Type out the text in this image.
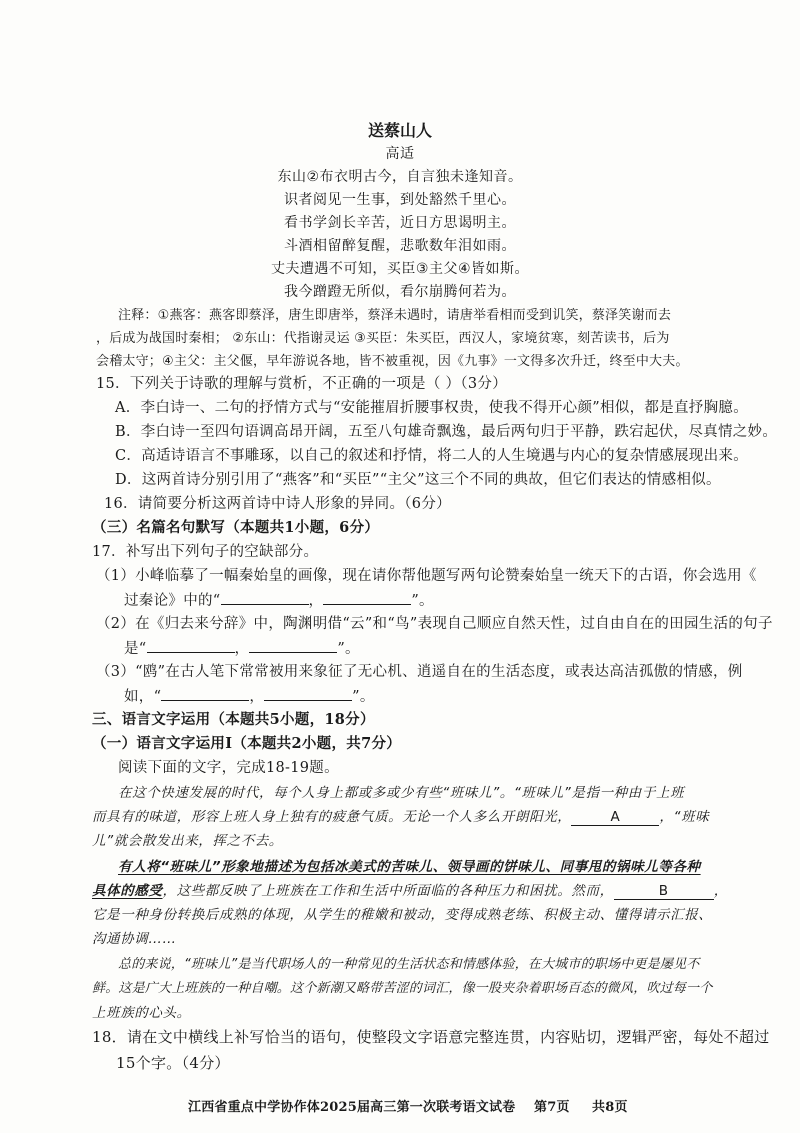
送蔡山人
高适
东山②布衣明古今，自言独未逢知音。
识者阅见一生事，到处豁然千里心。
看书学剑长辛苦，近日方思谒明主。
斗酒相留醉复醒，悲歌数年泪如雨。
丈夫遭遇不可知，买臣③主父④皆如斯。
我今蹭蹬无所似，看尔崩腾何若为。
注释：①燕客：燕客即蔡泽，唐生即唐举，蔡泽未遇时，请唐举看相而受到讥笑，蔡泽笑谢而去
，后成为战国时秦相； ②东山：代指谢灵运 ③买臣：朱买臣，西汉人，家境贫寒，刻苦读书，后为
会稽太守；④主父：主父偃，早年游说各地，皆不被重视，因《九事》一文得多次升迁，终至中大夫。
15．下列关于诗歌的理解与赏析，不正确的一项是（ ）（3分）
A．李白诗一、二句的抒情方式与“安能摧眉折腰事权贵，使我不得开心颜”相似，都是直抒胸臆。
B．李白诗一至四句语调高昂开阔，五至八句雄奇飘逸，最后两句归于平静，跌宕起伏，尽真情之妙。
C．高适诗语言不事雕琢，以自己的叙述和抒情，将二人的人生境遇与内心的复杂情感展现出来。
D．这两首诗分别引用了“燕客”和“买臣”“主父”这三个不同的典故，但它们表达的情感相似。
16．请简要分析这两首诗中诗人形象的异同。（6分）
（三）名篇名句默写（本题共1小题，6分）
17．补写出下列句子的空缺部分。
（1）小峰临摹了一幅秦始皇的画像，现在请你帮他题写两句论赞秦始皇一统天下的古语，你会选用《
过秦论》中的“	，	”。
（2）在《归去来兮辞》中，陶渊明借“云”和“鸟”表现自己顺应自然天性，过自由自在的田园生活的句子
是“	，	”。
（3）“鸥”在古人笔下常常被用来象征了无心机、逍遥自在的生活态度，或表达高洁孤傲的情感，例
如，“	，	”。
三、语言文字运用（本题共5小题，18分）
（一）语言文字运用Ⅰ（本题共2小题，共7分）
阅读下面的文字，完成18-19题。
在这个快速发展的时代，每个人身上都或多或少有些“班味儿”。“班味儿”是指一种由于上班
而具有的味道，形容上班人身上独有的疲惫气质。无论一个人多么开朗阳光，	A	，“班味
儿”就会散发出来，挥之不去。
有人将“班味儿”形象地描述为包括冰美式的苦味儿、领导画的饼味儿、同事甩的锅味儿等各种
具体的感受，这些都反映了上班族在工作和生活中所面临的各种压力和困扰。然而，	B	，
它是一种身份转换后成熟的体现，从学生的稚嫩和被动，变得成熟老练、积极主动、懂得请示汇报、
沟通协调……
总的来说，“班味儿”是当代职场人的一种常见的生活状态和情感体验，在大城市的职场中更是屡见不
鲜。这是广大上班族的一种自嘲。这个新潮又略带苦涩的词汇，像一股夹杂着职场百态的微风，吹过每一个
上班族的心头。
18．请在文中横线上补写恰当的语句，使整段文字语意完整连贯，内容贴切，逻辑严密，每处不超过
15个字。（4分）
江西省重点中学协作体2025届高三第一次联考语文试卷 第7页 共8页
